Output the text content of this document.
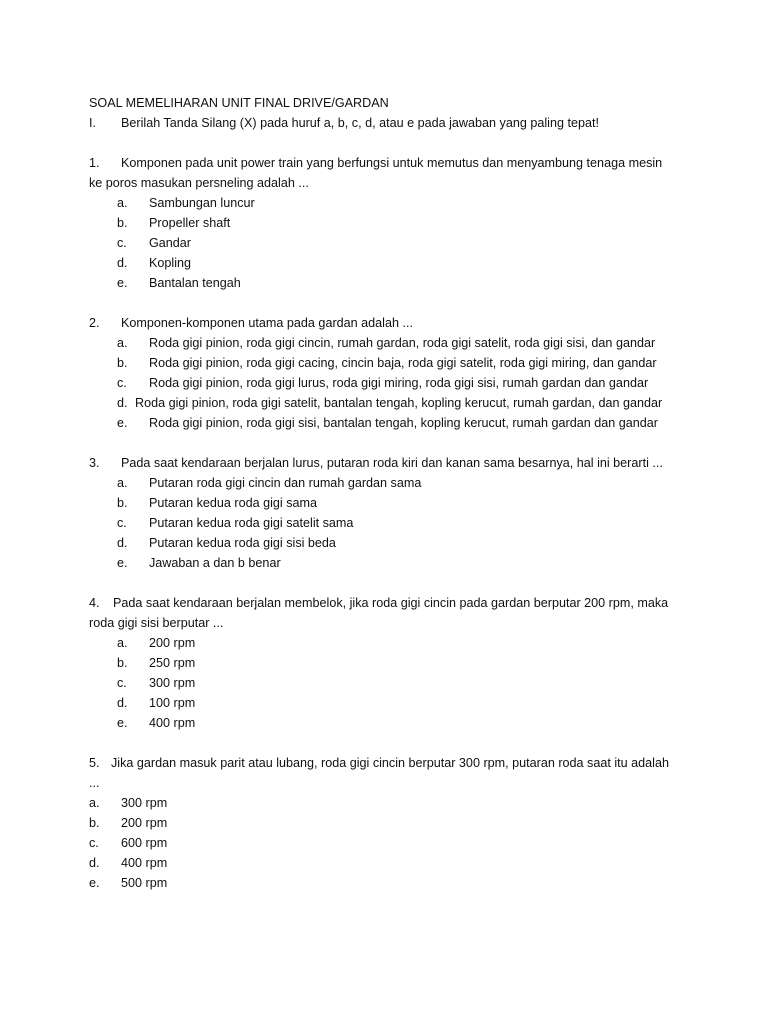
SOAL MEMELIHARAN UNIT FINAL DRIVE/GARDAN
I. Berilah Tanda Silang (X) pada huruf a, b, c, d, atau e pada jawaban yang paling tepat!
1. Komponen pada unit power train yang berfungsi untuk memutus dan menyambung tenaga mesin
ke poros masukan persneling adalah ...
a.	Sambungan luncur
b.	Propeller shaft
c.	Gandar
d.	Kopling
e.	Bantalan tengah
2. Komponen-komponen utama pada gardan adalah ...
a.	Roda gigi pinion, roda gigi cincin, rumah gardan, roda gigi satelit, roda gigi sisi, dan gandar
b.	Roda gigi pinion, roda gigi cacing, cincin baja, roda gigi satelit, roda gigi miring, dan gandar
c.	Roda gigi pinion, roda gigi lurus, roda gigi miring, roda gigi sisi, rumah gardan dan gandar
d. Roda gigi pinion, roda gigi satelit, bantalan tengah, kopling kerucut, rumah gardan, dan gandar
e.	Roda gigi pinion, roda gigi sisi, bantalan tengah, kopling kerucut, rumah gardan dan gandar
3. Pada saat kendaraan berjalan lurus, putaran roda kiri dan kanan sama besarnya, hal ini berarti ...
a.	Putaran roda gigi cincin dan rumah gardan sama
b.	Putaran kedua roda gigi sama
c.	Putaran kedua roda gigi satelit sama
d.	Putaran kedua roda gigi sisi beda
e.	Jawaban a dan b benar
4. Pada saat kendaraan berjalan membelok, jika roda gigi cincin pada gardan berputar 200 rpm, maka
roda gigi sisi berputar ...
a.	200 rpm
b.	250 rpm
c.	300 rpm
d.	100 rpm
e.	400 rpm
5. Jika gardan masuk parit atau lubang, roda gigi cincin berputar 300 rpm, putaran roda saat itu adalah
...
a.	300 rpm
b.	200 rpm
c.	600 rpm
d.	400 rpm
e.	500 rpm
